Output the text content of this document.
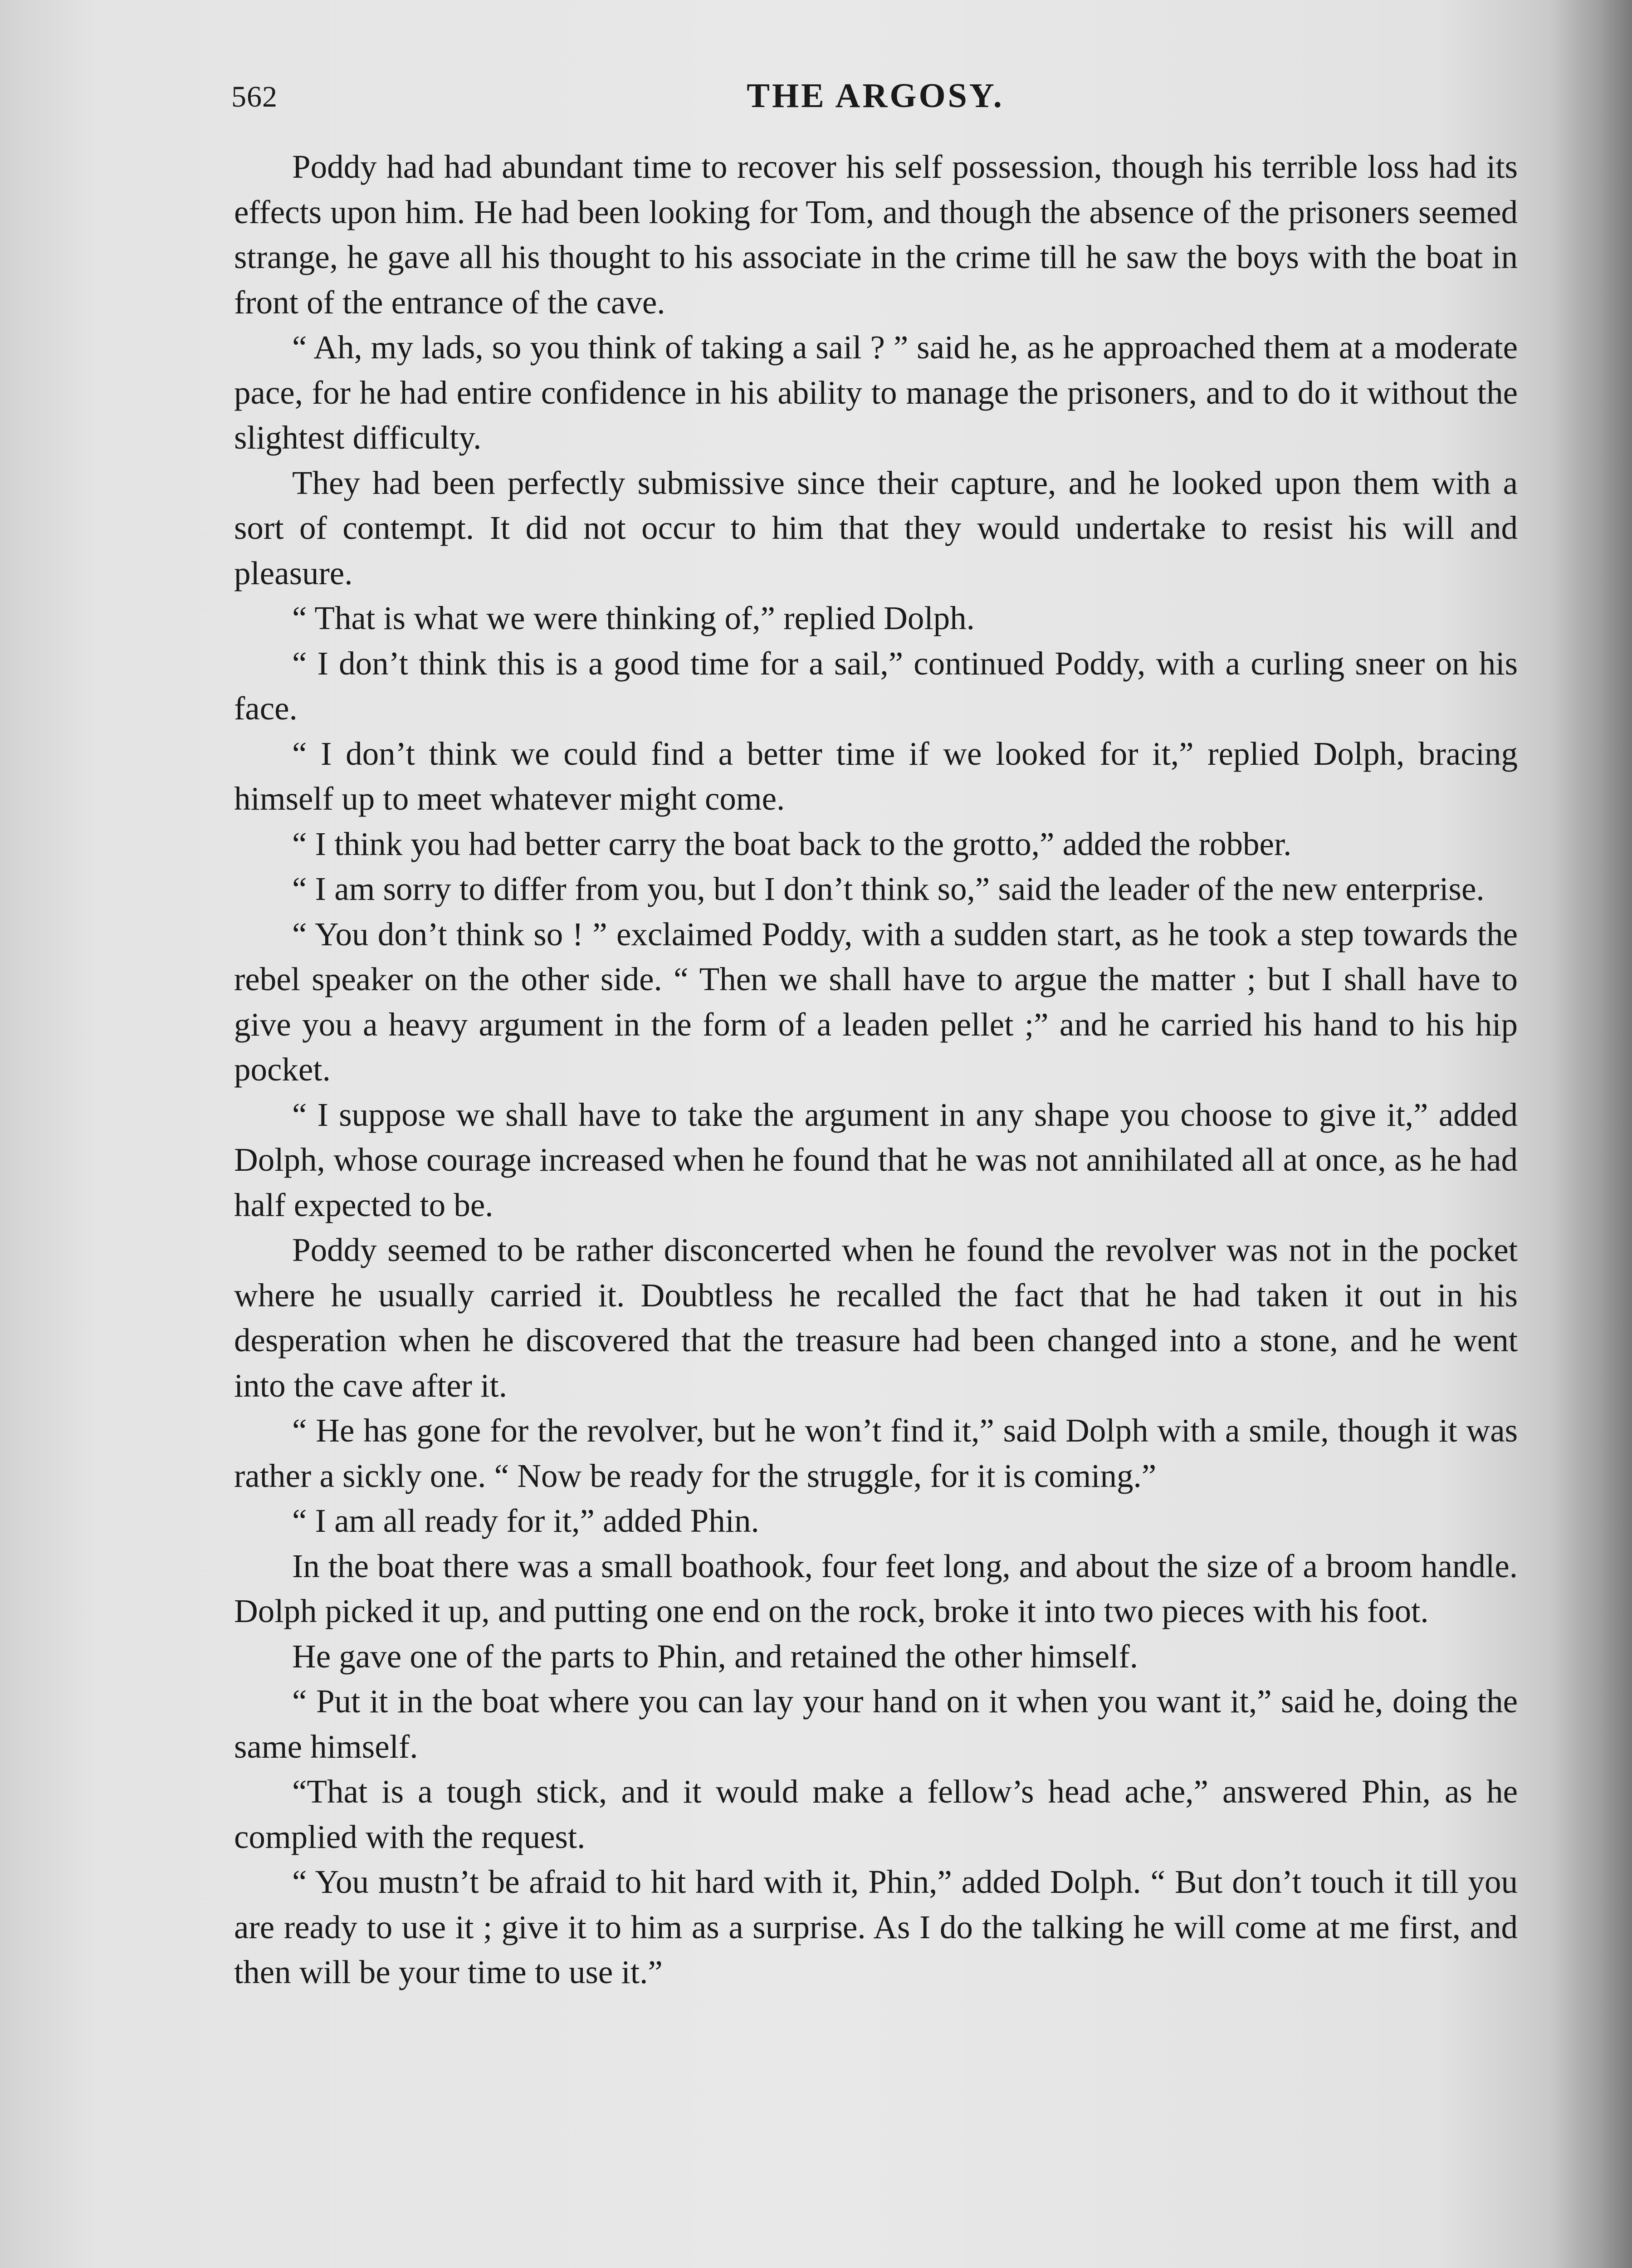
562	THE ARGOSY.

Poddy had had abundant time to recover his self possession, though his terrible loss had its effects upon him. He had been looking for Tom, and though the absence of the prisoners seemed strange, he gave all his thought to his associate in the crime till he saw the boys with the boat in front of the entrance of the cave.

“ Ah, my lads, so you think of taking a sail ? ” said he, as he approached them at a moderate pace, for he had entire confidence in his ability to manage the prisoners, and to do it without the slightest difficulty.

They had been perfectly submissive since their capture, and he looked upon them with a sort of contempt. It did not occur to him that they would undertake to resist his will and pleasure.

“ That is what we were thinking of,” replied Dolph.

“ I don’t think this is a good time for a sail,” continued Poddy, with a curling sneer on his face.

“ I don’t think we could find a better time if we looked for it,” replied Dolph, bracing himself up to meet whatever might come.

“ I think you had better carry the boat back to the grotto,” added the robber.

“ I am sorry to differ from you, but I don’t think so,” said the leader of the new enterprise.

“ You don’t think so ! ” exclaimed Poddy, with a sudden start, as he took a step towards the rebel speaker on the other side. “ Then we shall have to argue the matter ; but I shall have to give you a heavy argument in the form of a leaden pellet ;” and he carried his hand to his hip pocket.

“ I suppose we shall have to take the argument in any shape you choose to give it,” added Dolph, whose courage increased when he found that he was not annihilated all at once, as he had half expected to be.

Poddy seemed to be rather disconcerted when he found the revolver was not in the pocket where he usually carried it. Doubtless he recalled the fact that he had taken it out in his desperation when he discovered that the treasure had been changed into a stone, and he went into the cave after it.

“ He has gone for the revolver, but he won’t find it,” said Dolph with a smile, though it was rather a sickly one. “ Now be ready for the struggle, for it is coming.”

“ I am all ready for it,” added Phin.

In the boat there was a small boathook, four feet long, and about the size of a broom handle. Dolph picked it up, and putting one end on the rock, broke it into two pieces with his foot.

He gave one of the parts to Phin, and retained the other himself.

“ Put it in the boat where you can lay your hand on it when you want it,” said he, doing the same himself.

“That is a tough stick, and it would make a fellow’s head ache,” answered Phin, as he complied with the request.

“ You mustn’t be afraid to hit hard with it, Phin,” added Dolph. “ But don’t touch it till you are ready to use it ; give it to him as a surprise. As I do the talking he will come at me first, and then will be your time to use it.”
